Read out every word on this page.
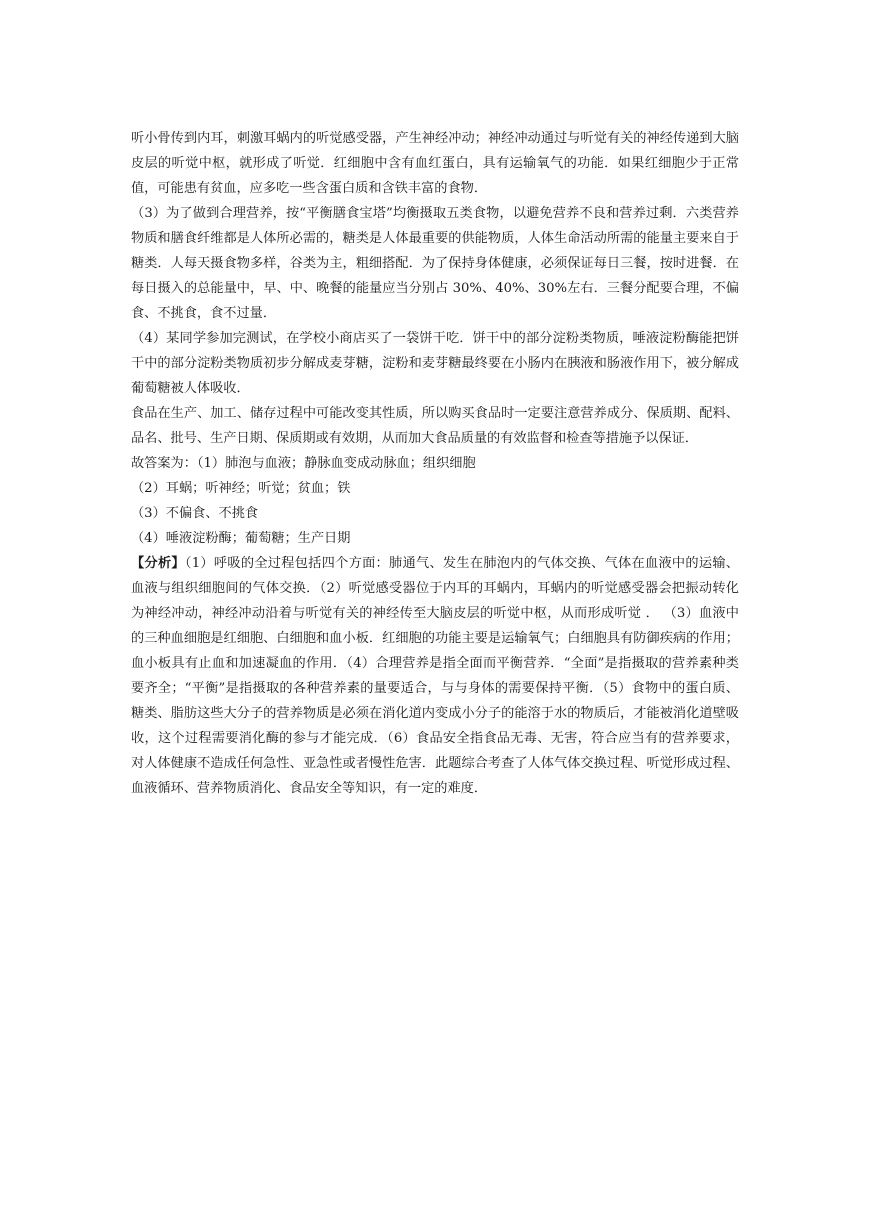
听小骨传到内耳，刺激耳蜗内的听觉感受器，产生神经冲动；神经冲动通过与听觉有关的神经传递到大脑皮层的听觉中枢，就形成了听觉．红细胞中含有血红蛋白，具有运输氧气的功能．如果红细胞少于正常值，可能患有贫血，应多吃一些含蛋白质和含铁丰富的食物．

（3）为了做到合理营养，按“平衡膳食宝塔”均衡摄取五类食物，以避免营养不良和营养过剩．六类营养物质和膳食纤维都是人体所必需的，糖类是人体最重要的供能物质，人体生命活动所需的能量主要来自于糖类．人每天摄食物多样，谷类为主，粗细搭配．为了保持身体健康，必须保证每日三餐，按时进餐．在每日摄入的总能量中，早、中、晚餐的能量应当分别占 30%、40%、30%左右．三餐分配要合理，不偏食、不挑食，食不过量．

（4）某同学参加完测试，在学校小商店买了一袋饼干吃．饼干中的部分淀粉类物质，唾液淀粉酶能把饼干中的部分淀粉类物质初步分解成麦芽糖，淀粉和麦芽糖最终要在小肠内在胰液和肠液作用下，被分解成葡萄糖被人体吸收．

食品在生产、加工、储存过程中可能改变其性质，所以购买食品时一定要注意营养成分、保质期、配料、品名、批号、生产日期、保质期或有效期，从而加大食品质量的有效监督和检查等措施予以保证．

故答案为：（1）肺泡与血液；静脉血变成动脉血；组织细胞

（2）耳蜗；听神经；听觉；贫血；铁

（3）不偏食、不挑食

（4）唾液淀粉酶；葡萄糖；生产日期

【分析】（1）呼吸的全过程包括四个方面：肺通气、发生在肺泡内的气体交换、气体在血液中的运输、血液与组织细胞间的气体交换．（2）听觉感受器位于内耳的耳蜗内，耳蜗内的听觉感受器会把振动转化为神经冲动，神经冲动沿着与听觉有关的神经传至大脑皮层的听觉中枢，从而形成听觉 ． （3）血液中的三种血细胞是红细胞、白细胞和血小板．红细胞的功能主要是运输氧气；白细胞具有防御疾病的作用；血小板具有止血和加速凝血的作用．（4）合理营养是指全面而平衡营养．“全面”是指摄取的营养素种类要齐全；“平衡”是指摄取的各种营养素的量要适合，与与身体的需要保持平衡．（5）食物中的蛋白质、糖类、脂肪这些大分子的营养物质是必须在消化道内变成小分子的能溶于水的物质后，才能被消化道壁吸收，这个过程需要消化酶的参与才能完成．（6）食品安全指食品无毒、无害，符合应当有的营养要求，对人体健康不造成任何急性、亚急性或者慢性危害．此题综合考查了人体气体交换过程、听觉形成过程、血液循环、营养物质消化、食品安全等知识，有一定的难度．
